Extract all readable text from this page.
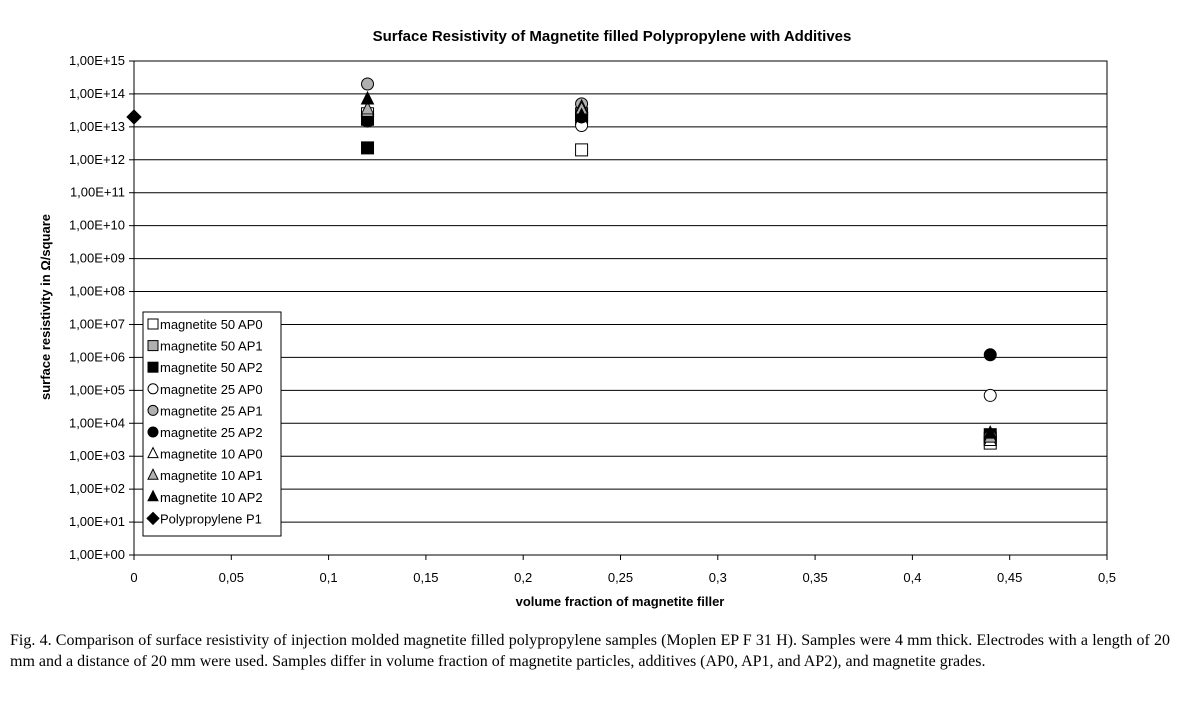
Surface Resistivity of Magnetite filled Polypropylene with Additives
0	0,05	0,1	0,15	0,2	0,25	0,3	0,35	0,4	0,45	0,5
1,00E+00
1,00E+01
1,00E+02
1,00E+03
1,00E+04
1,00E+05
1,00E+06
1,00E+07
1,00E+08
1,00E+09
1,00E+10
1,00E+11
1,00E+12
1,00E+13
1,00E+14
1,00E+15
volume fraction of magnetite filler
surface resistivity in Ω/square	magnetite 50 AP0
magnetite 50 AP1
magnetite 50 AP2
magnetite 25 AP0
magnetite 25 AP1
magnetite 25 AP2
magnetite 10 AP0
magnetite 10 AP1
magnetite 10 AP2
Polypropylene P1
Fig. 4. Comparison of surface resistivity of injection molded magnetite filled polypropylene samples (Moplen EP F 31 H). Samples were 4 mm thick. Electrodes with a length of 20 mm and a distance of 20 mm were used. Samples differ in volume fraction of magnetite particles, additives (AP0, AP1, and AP2), and magnetite grades.
